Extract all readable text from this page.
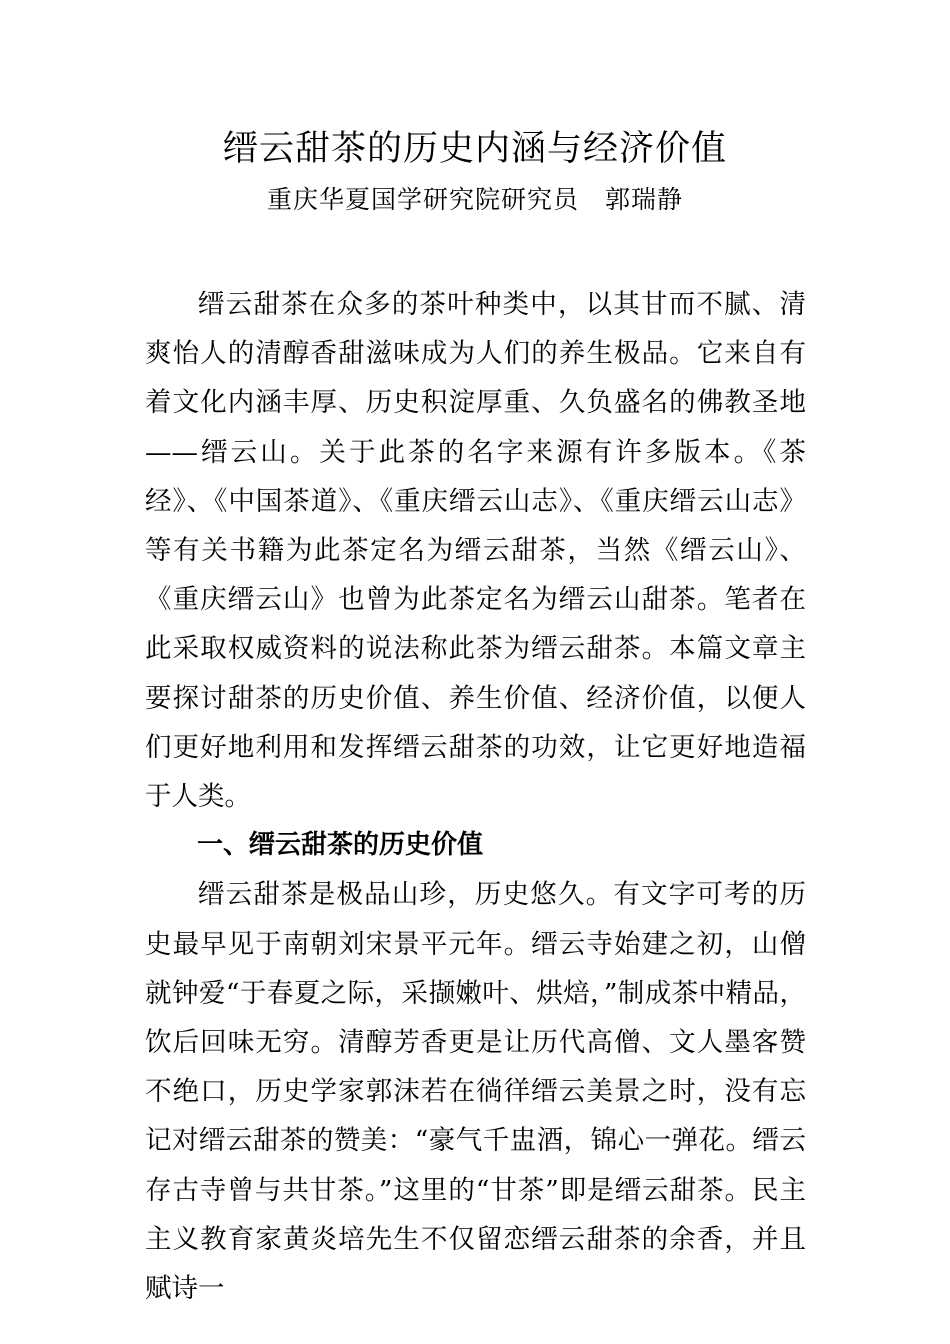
缙云甜茶的历史内涵与经济价值
重庆华夏国学研究院研究员 郭瑞静

缙云甜茶在众多的茶叶种类中，以其甘而不腻、清爽怡人的清醇香甜滋味成为人们的养生极品。它来自有着文化内涵丰厚、历史积淀厚重、久负盛名的佛教圣地——缙云山。关于此茶的名字来源有许多版本。《茶经》、《中国茶道》、《重庆缙云山志》、《重庆缙云山志》等有关书籍为此茶定名为缙云甜茶，当然《缙云山》、《重庆缙云山》也曾为此茶定名为缙云山甜茶。笔者在此采取权威资料的说法称此茶为缙云甜茶。本篇文章主要探讨甜茶的历史价值、养生价值、经济价值，以便人们更好地利用和发挥缙云甜茶的功效，让它更好地造福于人类。

一、缙云甜茶的历史价值

缙云甜茶是极品山珍，历史悠久。有文字可考的历史最早见于南朝刘宋景平元年。缙云寺始建之初，山僧就钟爱“于春夏之际，采撷嫩叶、烘焙，”制成茶中精品，饮后回味无穷。清醇芳香更是让历代高僧、文人墨客赞不绝口，历史学家郭沫若在徜徉缙云美景之时，没有忘记对缙云甜茶的赞美：“豪气千盅酒，锦心一弹花。缙云存古寺曾与共甘茶。”这里的“甘茶”即是缙云甜茶。民主主义教育家黄炎培先生不仅留恋缙云甜茶的余香，并且赋诗一
